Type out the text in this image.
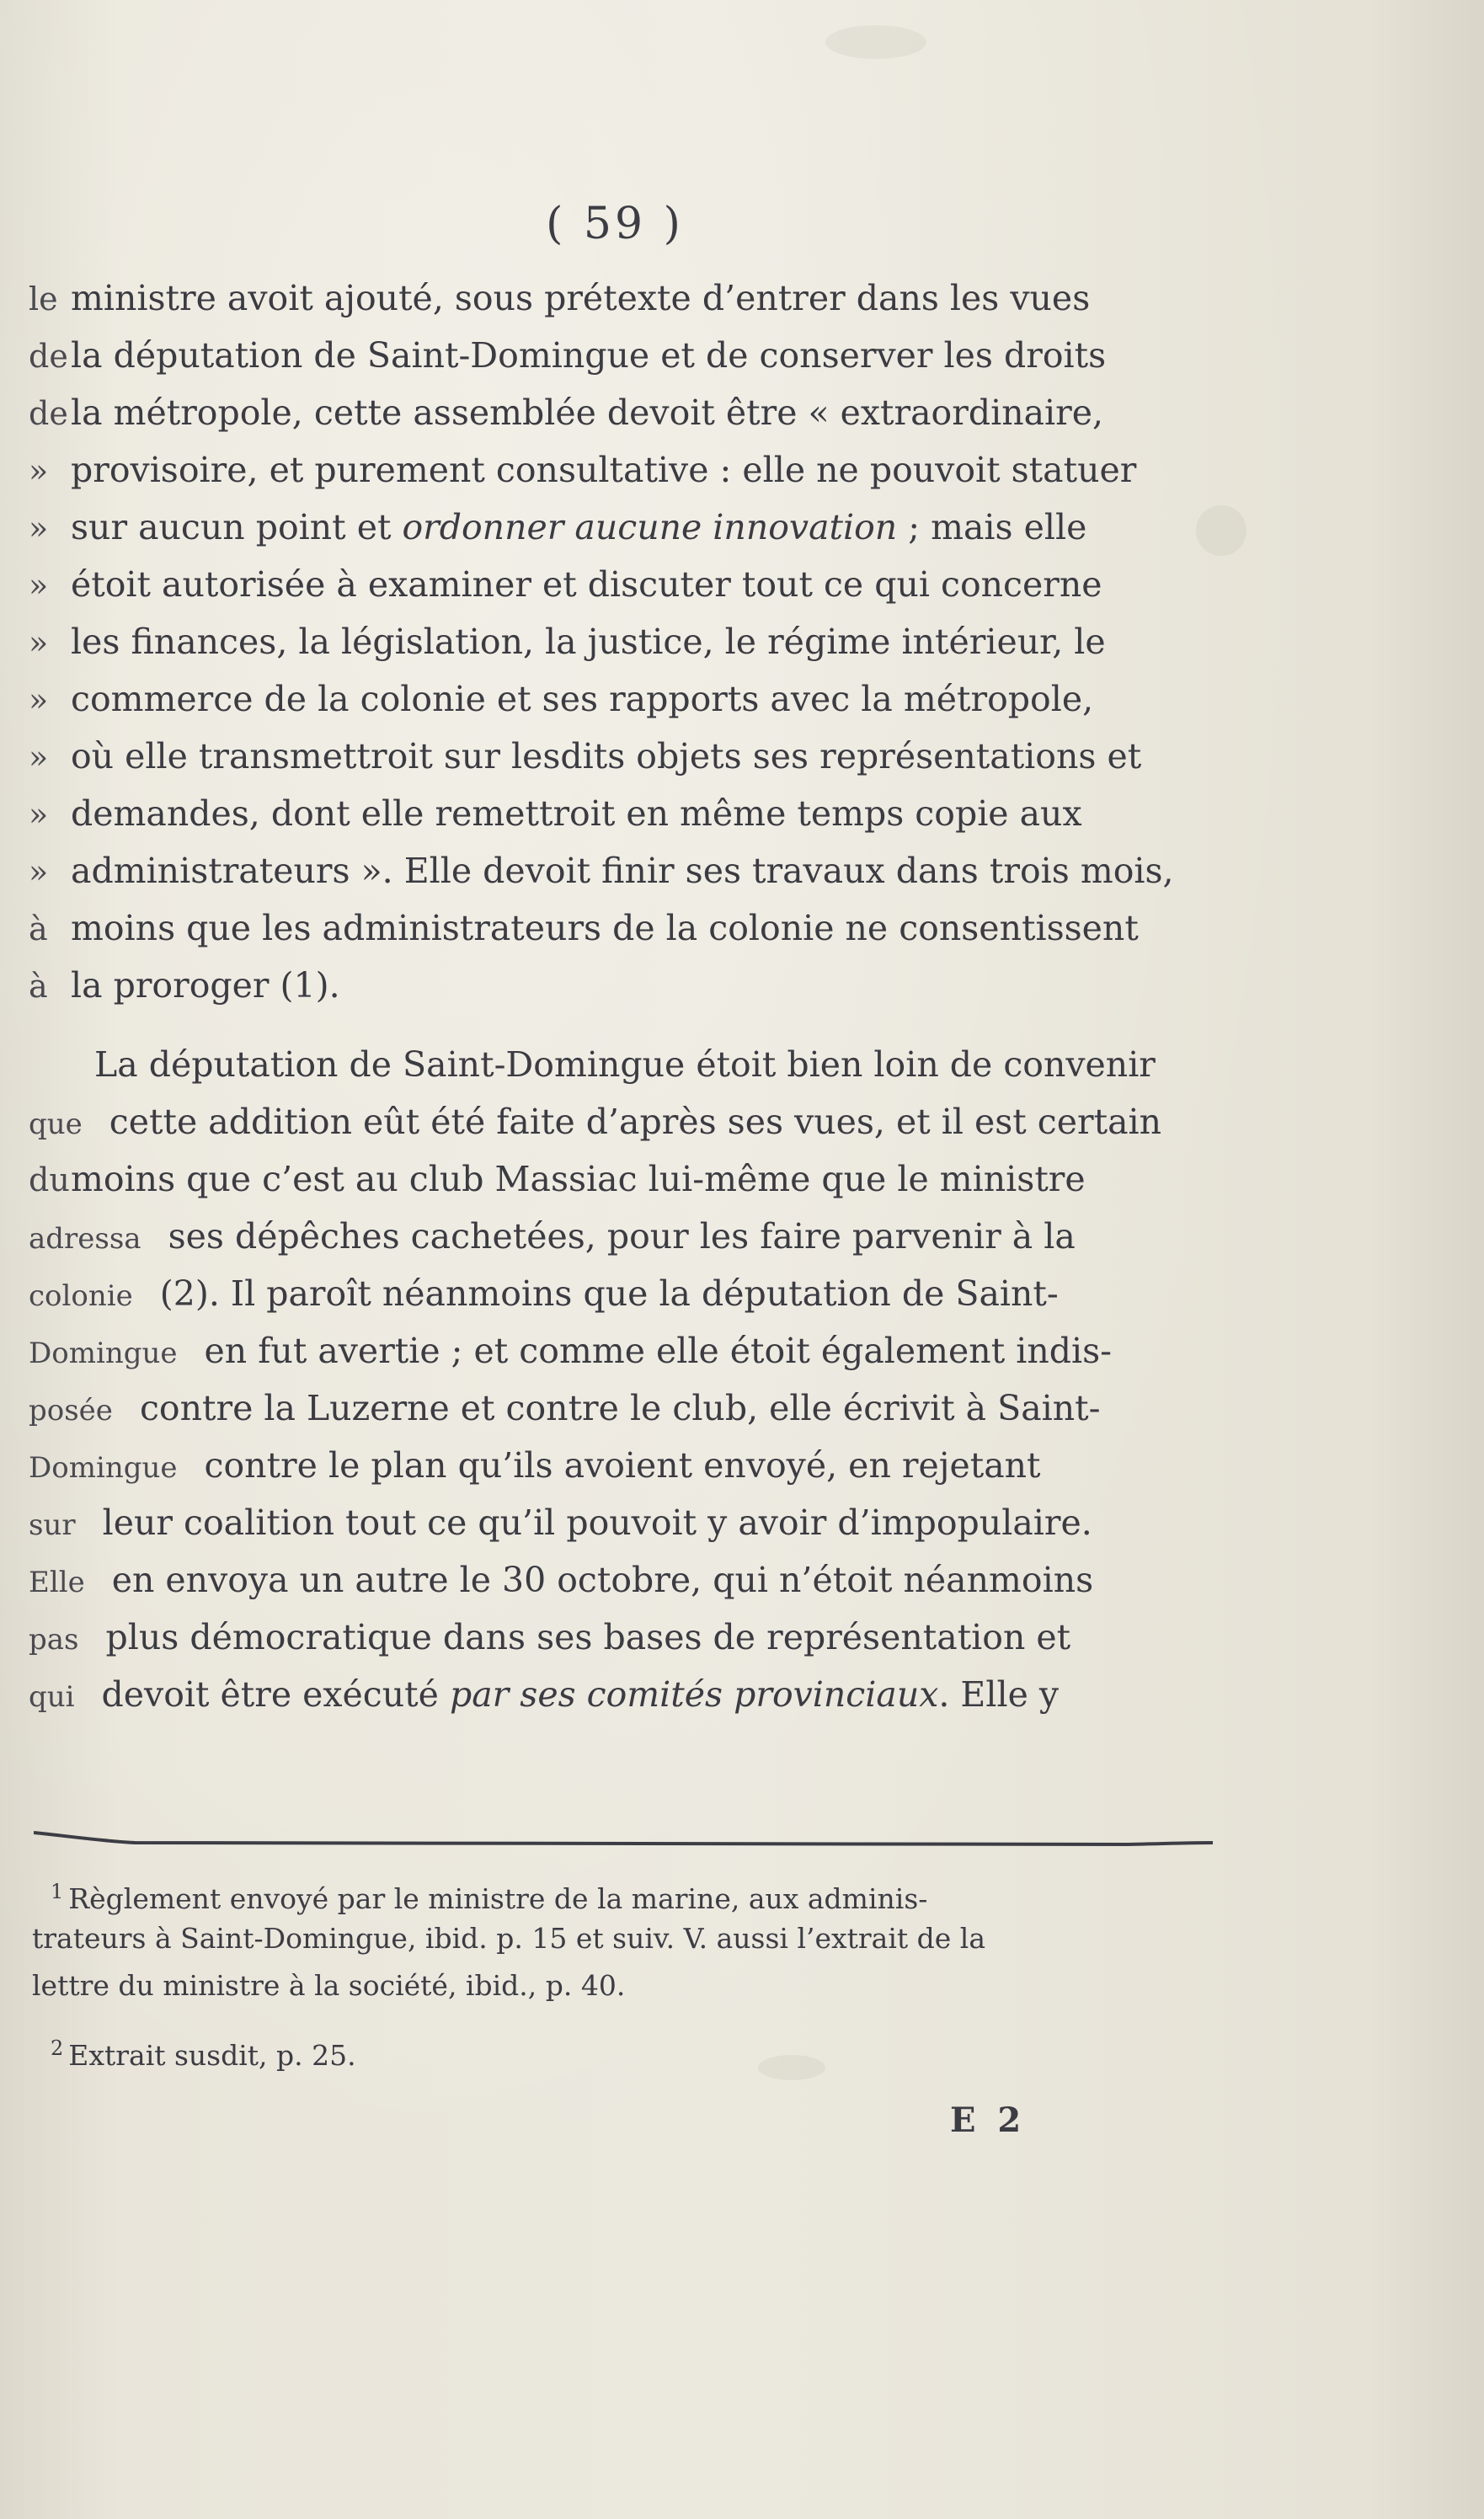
( 59 )
le ministre avoit ajouté, sous prétexte d’entrer dans les vues
dela députation de Saint-Domingue et de conserver les droits
dela métropole, cette assemblée devoit être « extraordinaire,
» provisoire, et purement consultative : elle ne pouvoit statuer
» sur aucun point et ordonner aucune innovation ; mais elle
» étoit autorisée à examiner et discuter tout ce qui concerne
» les finances, la législation, la justice, le régime intérieur, le
» commerce de la colonie et ses rapports avec la métropole,
» où elle transmettroit sur lesdits objets ses représentations et
» demandes, dont elle remettroit en même temps copie aux
» administrateurs ». Elle devoit finir ses travaux dans trois mois,
à moins que les administrateurs de la colonie ne consentissent
à la proroger (1).
La députation de Saint-Domingue étoit bien loin de convenir
que cette addition eût été faite d’après ses vues, et il est certain
dumoins que c’est au club Massiac lui-même que le ministre
adressa ses dépêches cachetées, pour les faire parvenir à la
colonie (2). Il paroît néanmoins que la députation de Saint-
Domingue en fut avertie ; et comme elle étoit également indis-
posée contre la Luzerne et contre le club, elle écrivit à Saint-
Domingue contre le plan qu’ils avoient envoyé, en rejetant
sur leur coalition tout ce qu’il pouvoit y avoir d’impopulaire.
Elle en envoya un autre le 30 octobre, qui n’étoit néanmoins
pas plus démocratique dans ses bases de représentation et
qui devoit être exécuté par ses comités provinciaux. Elle y
$^1$ Règlement envoyé par le ministre de la marine, aux adminis-
trateurs à Saint-Domingue, ibid. p. 15 et suiv. V. aussi l’extrait de la
lettre du ministre à la société, ibid., p. 40.
$^2$ Extrait susdit, p. 25.
E 2
